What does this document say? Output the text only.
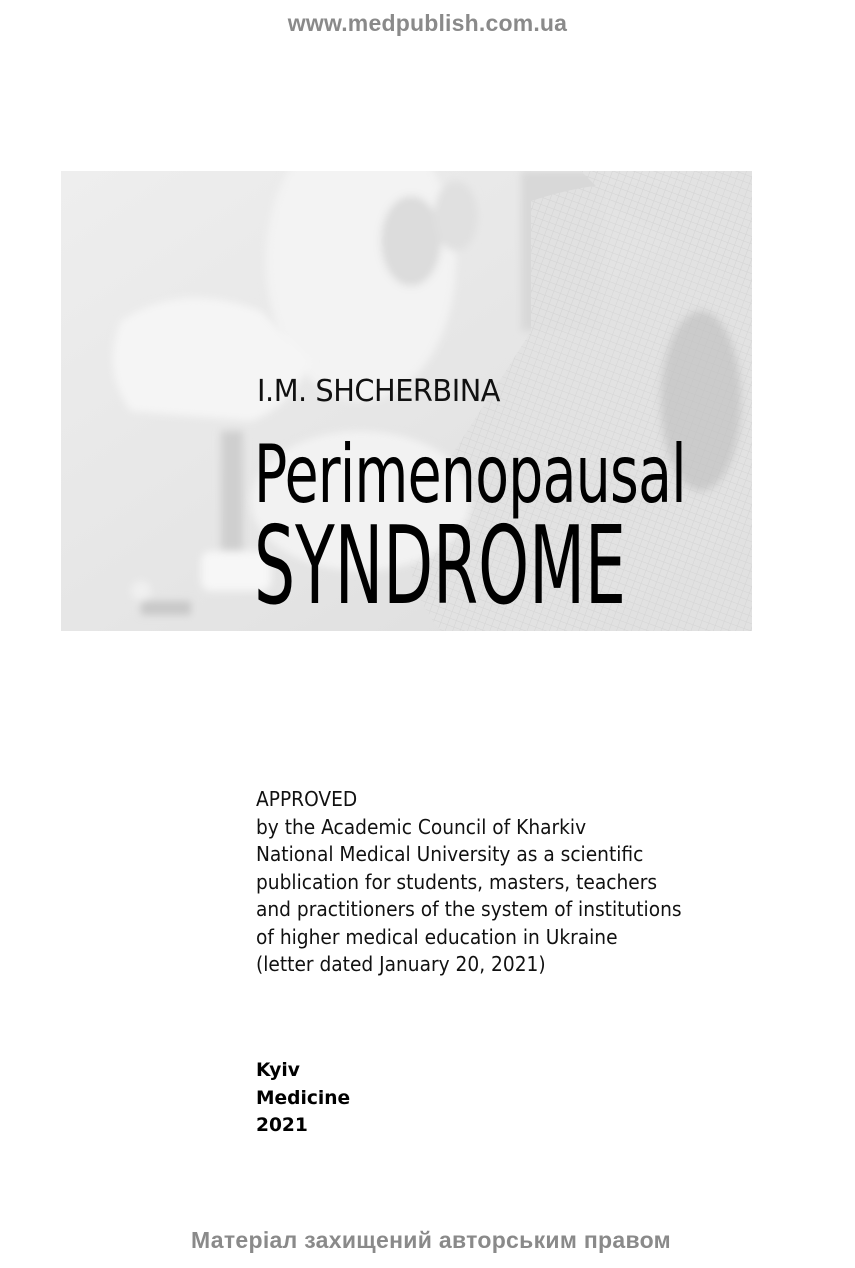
www.medpublish.com.ua
I.M. SHCHERBINA
Perimenopausal
SYNDROME
APPROVED
by the Academic Council of Kharkiv
National Medical University as a scientific
publication for students, masters, teachers
and practitioners of the system of institutions
of higher medical education in Ukraine
(letter dated January 20, 2021)
Kyiv
Medicine
2021
Матеріал захищений авторським правом
